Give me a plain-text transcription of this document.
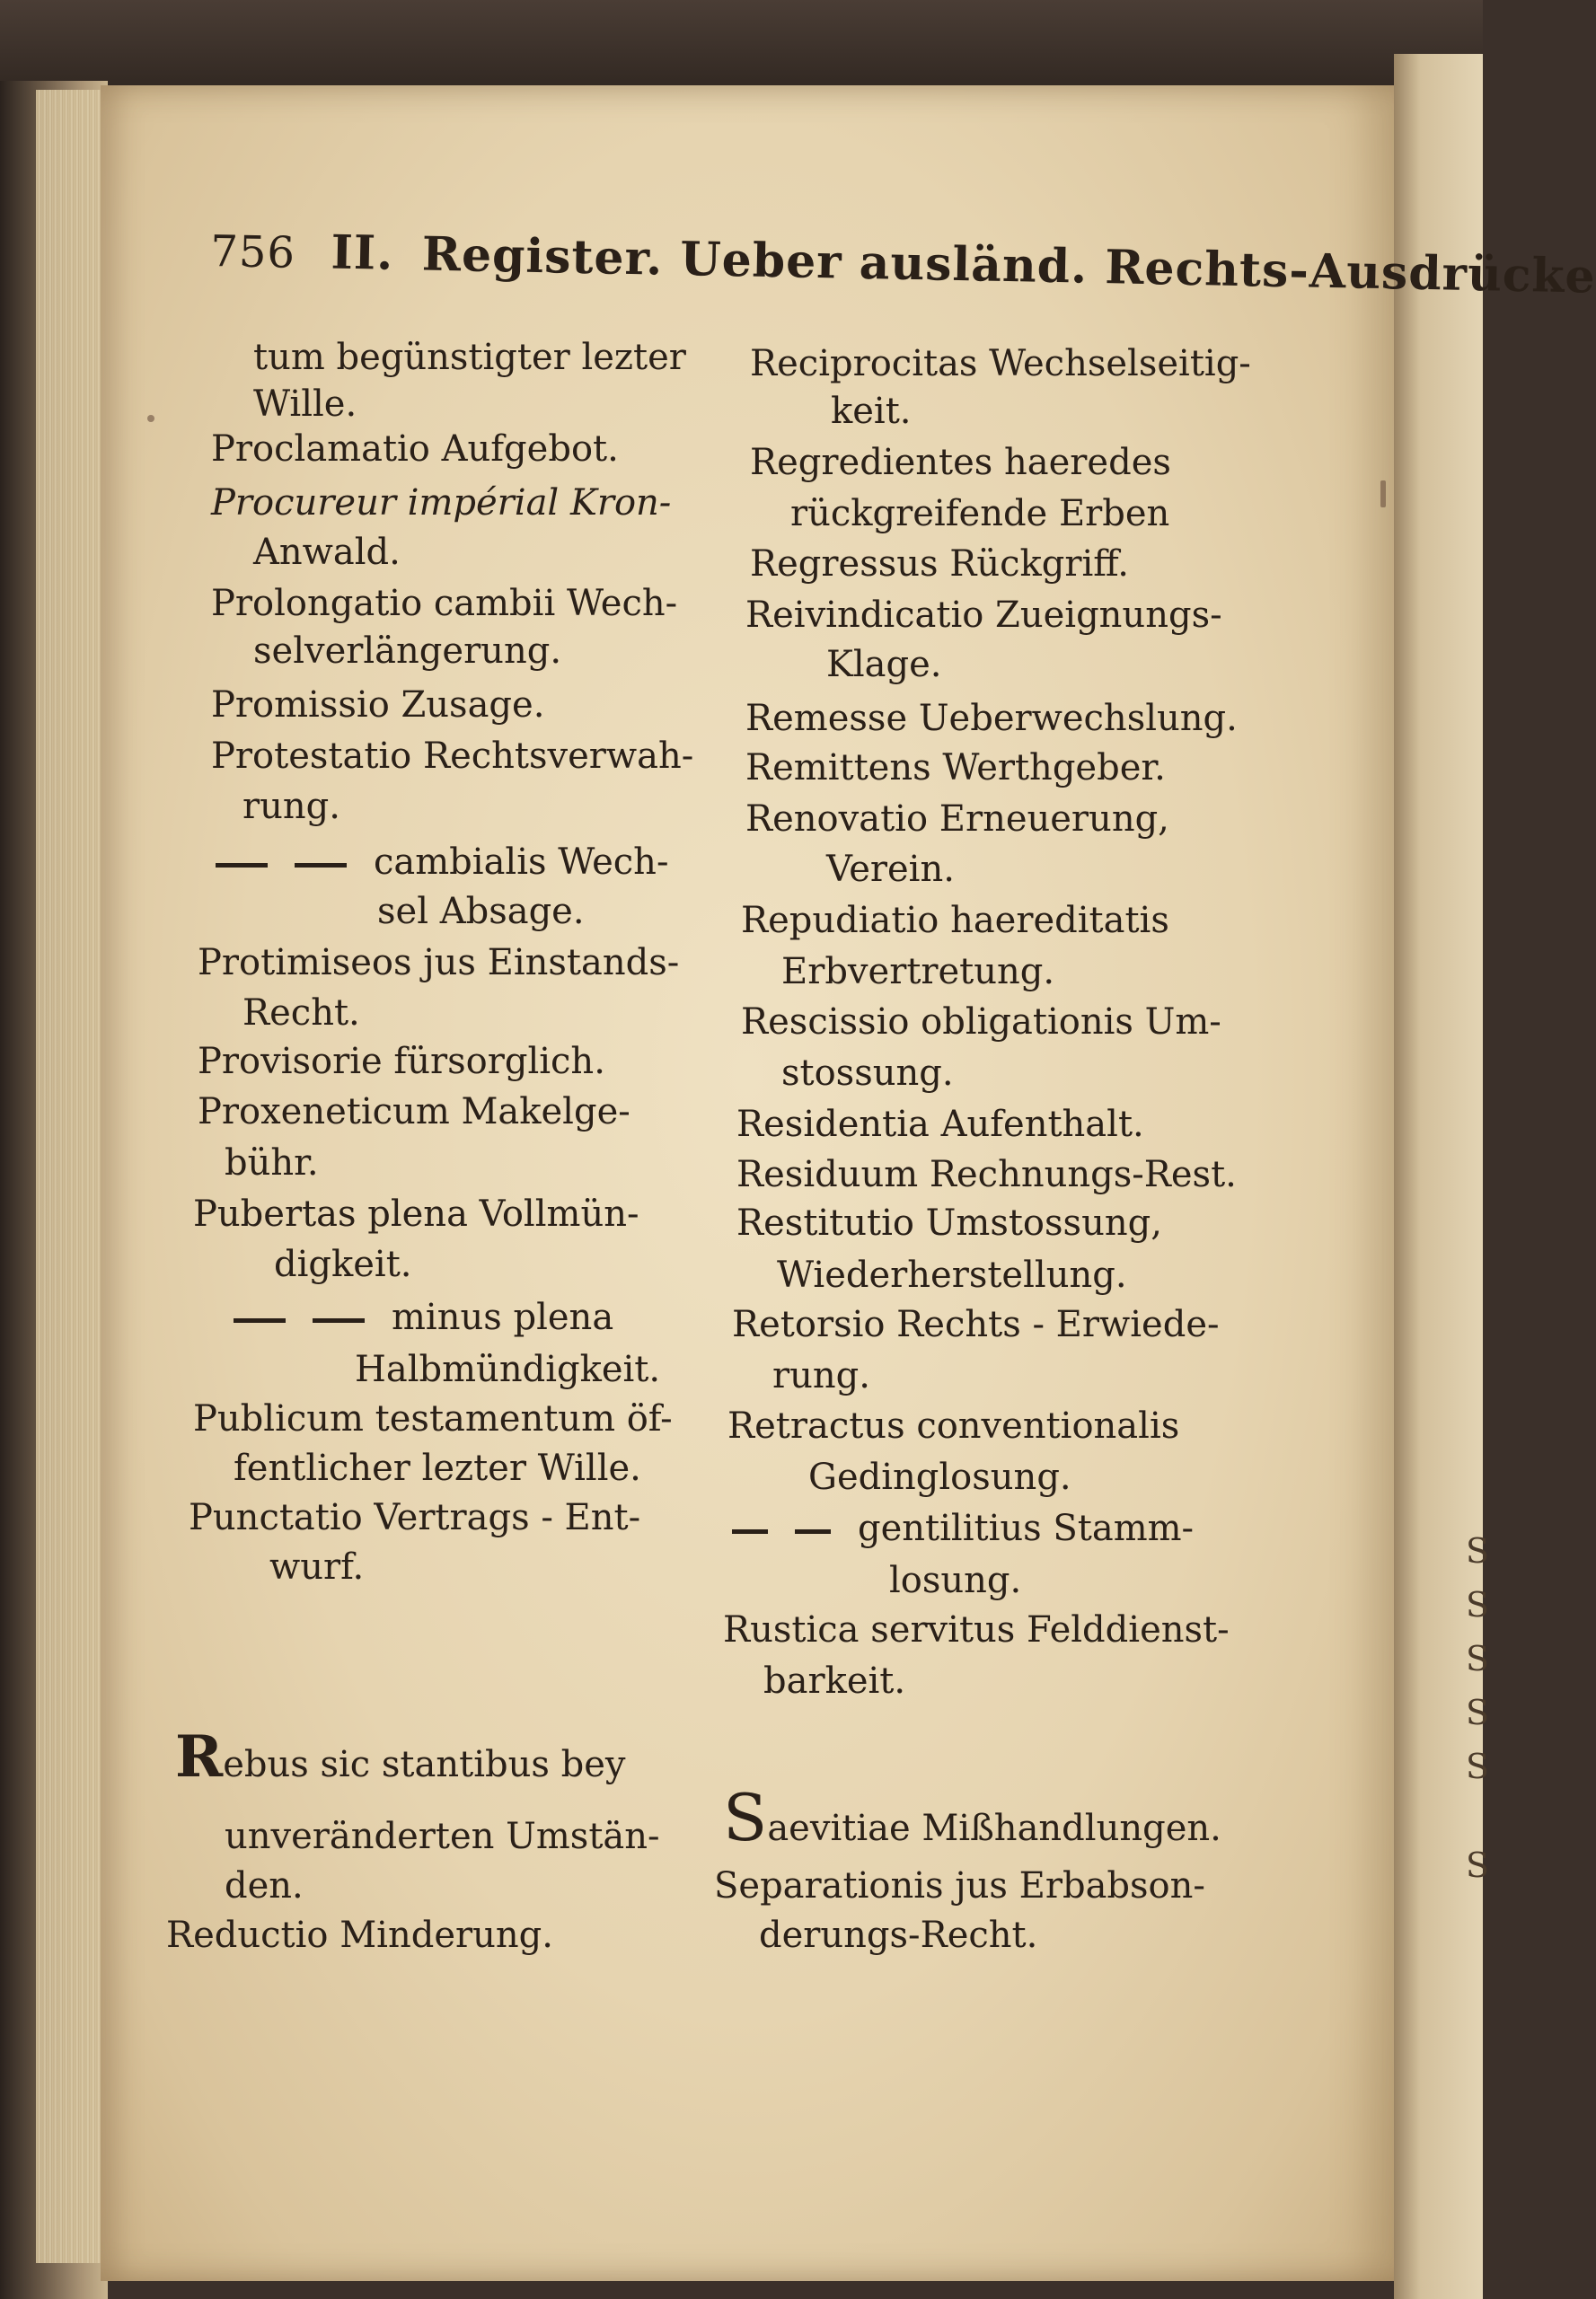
S
S
S
S
S
S
756 II. Register. Ueber ausländ. Rechts-Ausdrücke
tum begünstigter lezter
Wille.
Proclamatio Aufgebot.
Procureur impérial Kron-
Anwald.
Prolongatio cambii Wech-
selverlängerung.
Promissio Zusage.
Protestatio Rechtsverwah-
rung.
cambialis Wech-
sel Absage.
Protimiseos jus Einstands-
Recht.
Provisorie fürsorglich.
Proxeneticum Makelge-
bühr.
Pubertas plena Vollmün-
digkeit.
minus plena
Halbmündigkeit.
Publicum testamentum öf-
fentlicher lezter Wille.
Punctatio Vertrags - Ent-
wurf.
Reciprocitas Wechselseitig-
keit.
Regredientes haeredes
rückgreifende Erben
Regressus Rückgriff.
Reivindicatio Zueignungs-
Klage.
Remesse Ueberwechslung.
Remittens Werthgeber.
Renovatio Erneuerung,
Verein.
Repudiatio haereditatis
Erbvertretung.
Rescissio obligationis Um-
stossung.
Residentia Aufenthalt.
Residuum Rechnungs-Rest.
Restitutio Umstossung,
Wiederherstellung.
Retorsio Rechts - Erwiede-
rung.
Retractus conventionalis
Gedinglosung.
gentilitius Stamm-
losung.
Rustica servitus Felddienst-
barkeit.
Rebus sic stantibus bey
unveränderten Umstän-
den.
Reductio Minderung.
Saevitiae Mißhandlungen.
Separationis jus Erbabson-
derungs-Recht.
